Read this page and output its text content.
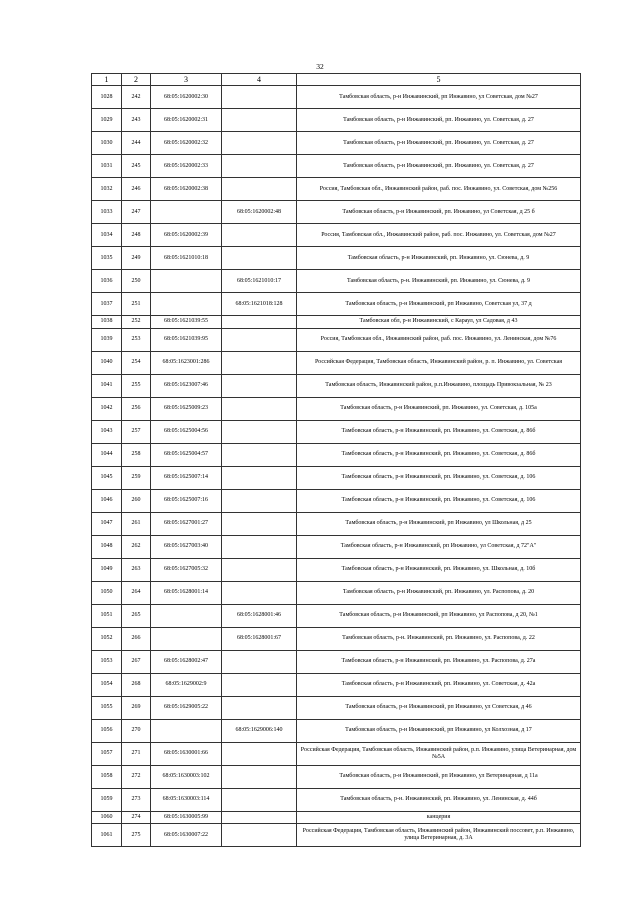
32
1	2	3	4	5
1028	242	68:05:1620002:30		Тамбовская область, р-н Инжавинский, рп Инжавино, ул Советская, дом №27
1029	243	68:05:1620002:31		Тамбовская область, р-н Инжавинский, рп. Инжавино, ул. Советская, д. 27
1030	244	68:05:1620002:32		Тамбовская область, р-н Инжавинский, рп. Инжавино, ул. Советская, д. 27
1031	245	68:05:1620002:33		Тамбовская область, р-н Инжавинский, рп. Инжавино, ул. Советская, д. 27
1032	246	68:05:1620002:38		Россия, Тамбовская обл., Инжавинский район, раб. пос. Инжавино, ул. Советская, дом №256
1033	247		68:05:1620002:48	Тамбовская область, р-н Инжавинский, рп. Инжавино, ул Советская, д 25 б
1034	248	68:05:1620002:39		Россия, Тамбовская обл., Инжавинский район, раб. пос. Инжавино, ул. Советская, дом №27
1035	249	68:05:1621010:18		Тамбовская область, р-н Инжавинский, рп. Инжавино, ул. Сюнева, д. 9
1036	250		68:05:1621010:17	Тамбовская область, р-н. Инжавинский, рп. Инжавино, ул. Сюнева, д. 9
1037	251		68:05:1621018:128	Тамбовская область, р-н Инжавинский, рп Инжавино, Советская ул, 37 д
1038	252	68:05:1621039:55		Тамбовская обл, р-н Инжавинский, с Караул, ул Садовая, д 43
1039	253	68:05:1621039:95		Россия, Тамбовская обл., Инжавинский район, раб. пос. Инжавино, ул. Ленинская, дом №76
1040	254	68:05:1623001:286		Российская Федерация, Тамбовская область, Инжавинский район, р. п. Инжавино, ул. Советская
1041	255	68:05:1623007:46		Тамбовская область, Инжавинский район, р.п.Инжавино, площадь Привокзальная, № 23
1042	256	68:05:1625009:23		Тамбовская область, р-н Инжавинский, рп. Инжавино, ул. Советская, д. 105а
1043	257	68:05:1625004:56		Тамбовская область, р-н Инжавинский, рп. Инжавино, ул. Советская, д. 86б
1044	258	68:05:1625004:57		Тамбовская область, р-н Инжавинский, рп. Инжавино, ул. Советская, д. 86б
1045	259	68:05:1625007:14		Тамбовская область, р-н Инжавинский, рп. Инжавино, ул. Советская, д. 106
1046	260	68:05:1625007:16		Тамбовская область, р-н Инжавинский, рп. Инжавино, ул. Советская, д. 106
1047	261	68:05:1627001:27		Тамбовская область, р-н Инжавинский, рп Инжавино, ул Школьная, д 25
1048	262	68:05:1627003:40		Тамбовская область, р-н Инжавинский, рп Инжавино, ул Советская, д 72"А"
1049	263	68:05:1627005:32		Тамбовская область, р-н Инжавинский, рп. Инжавино, ул. Школьная, д. 10б
1050	264	68:05:1628001:14		Тамбовская область, р-н Инжавинский, рп. Инжавино, ул. Распопова, д. 20
1051	265		68:05:1628001:46	Тамбовская область, р-н Инжавинский, рп Инжавино, ул Распопова, д 20, №1
1052	266		68:05:1628001:67	Тамбовская область, р-н. Инжавинский, рп. Инжавино, ул. Распопова, д. 22
1053	267	68:05:1628002:47		Тамбовская область, р-н Инжавинский, рп. Инжавино, ул. Распопова, д. 27а
1054	268	68:05:1629002:9		Тамбовская область, р-н Инжавинский, рп. Инжавино, ул. Советская, д. 42а
1055	269	68:05:1629005:22		Тамбовская область, р-н Инжавинский, рп Инжавино, ул Советская, д 46
1056	270		68:05:1629006:140	Тамбовская область, р-н Инжавинский, рп Инжавино, ул Колхозная, д 17
1057	271	68:05:1630001:66		Российская Федерация, Тамбовская область, Инжавинский район, р.п. Инжавино, улица Ветеринарная, дом №5А
1058	272	68:05:1630003:102		Тамбовская область, р-н Инжавинский, рп Инжавино, ул Ветеринарная, д 11а
1059	273	68:05:1630003:114		Тамбовская область, р-н. Инжавинский, рп. Инжавино, ул. Ленинская, д. 44б
1060	274	68:05:1630005:99		канцерия
1061	275	68:05:1630007:22		Российская Федерация, Тамбовская область, Инжавинский район, Инжавинский поссовет, р.п. Инжавино, улица Ветеринарная, д. 3А
